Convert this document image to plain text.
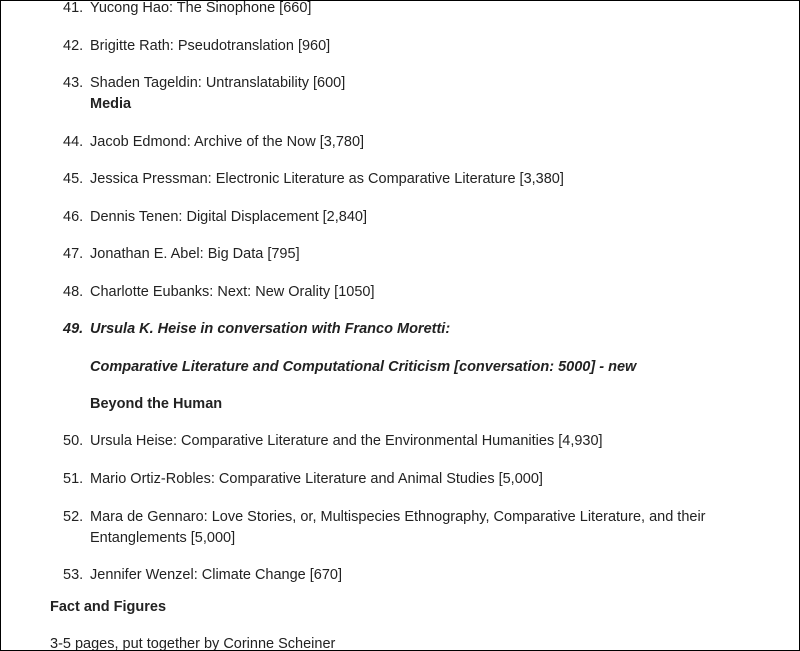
41. Yucong Hao: The Sinophone [660]
42. Brigitte Rath: Pseudotranslation [960]
43. Shaden Tageldin: Untranslatability [600]
Media
44. Jacob Edmond: Archive of the Now [3,780]
45. Jessica Pressman: Electronic Literature as Comparative Literature [3,380]
46. Dennis Tenen: Digital Displacement [2,840]
47. Jonathan E. Abel: Big Data [795]
48. Charlotte Eubanks: Next: New Orality [1050]
49. Ursula K. Heise in conversation with Franco Moretti:
Comparative Literature and Computational Criticism [conversation: 5000] - new
Beyond the Human
50. Ursula Heise: Comparative Literature and the Environmental Humanities [4,930]
51. Mario Ortiz-Robles: Comparative Literature and Animal Studies [5,000]
52. Mara de Gennaro: Love Stories, or, Multispecies Ethnography, Comparative Literature, and their
Entanglements [5,000]
53. Jennifer Wenzel: Climate Change [670]
Fact and Figures
3-5 pages, put together by Corinne Scheiner
